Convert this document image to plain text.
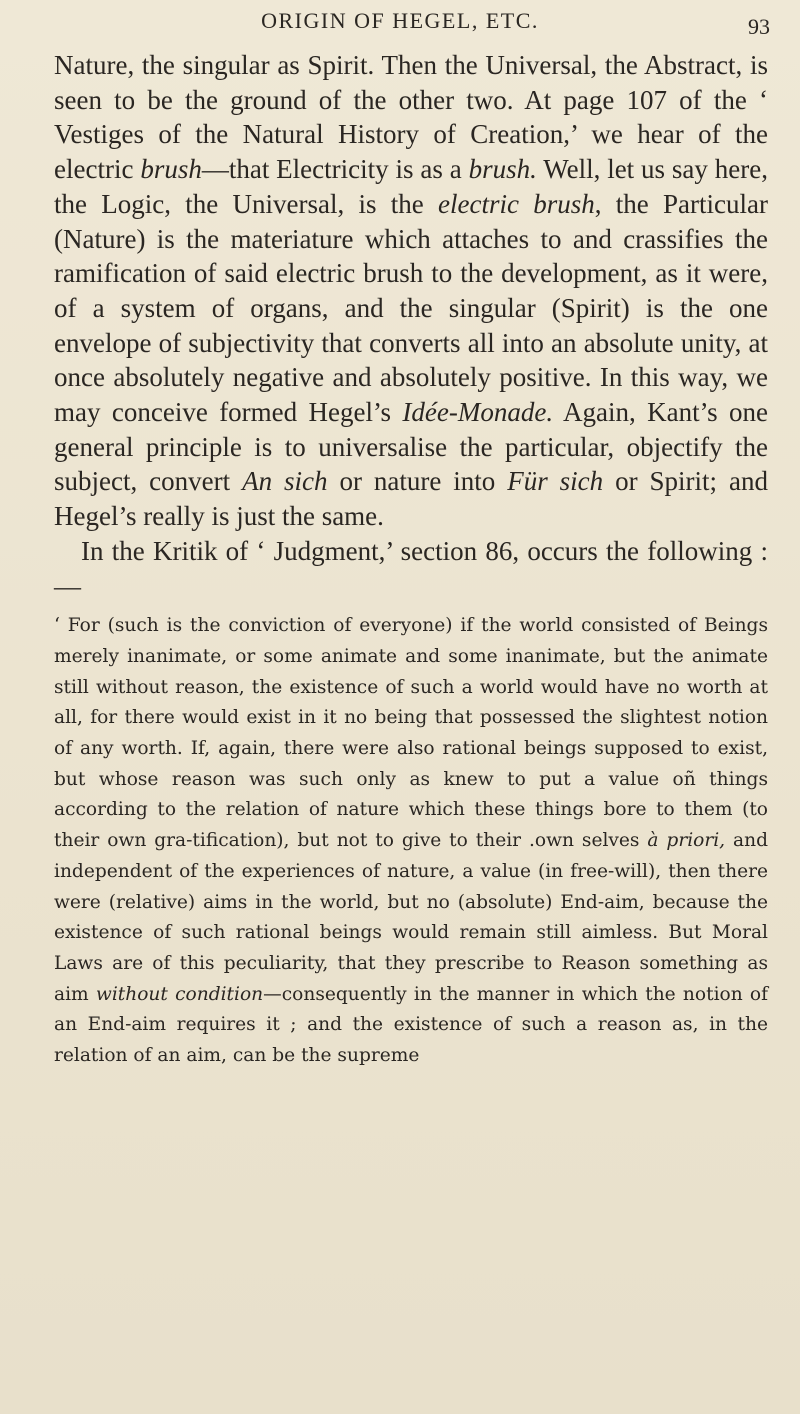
ORIGIN OF HEGEL, ETC.	93

Nature, the singular as Spirit. Then the Universal, the Abstract, is seen to be the ground of the other two. At page 107 of the ‘ Vestiges of the Natural History of Creation,’ we hear of the electric brush—that Electricity is as a brush. Well, let us say here, the Logic, the Universal, is the electric brush, the Particular (Nature) is the materiature which attaches to and crassifies the ramification of said electric brush to the development, as it were, of a system of organs, and the singular (Spirit) is the one envelope of subjectivity that converts all into an absolute unity, at once absolutely negative and absolutely positive. In this way, we may conceive formed Hegel’s Idée-Monade. Again, Kant’s one general principle is to universalise the particular, objectify the subject, convert An sich or nature into Für sich or Spirit; and Hegel’s really is just the same.

In the Kritik of ‘ Judgment,’ section 86, occurs the following :—

‘ For (such is the conviction of everyone) if the world consisted of Beings merely inanimate, or some animate and some inanimate, but the animate still without reason, the existence of such a world would have no worth at all, for there would exist in it no being that possessed the slightest notion of any worth. If, again, there were also rational beings supposed to exist, but whose reason was such only as knew to put a value oñ things according to the relation of nature which these things bore to them (to their own gra-tification), but not to give to their .own selves à priori, and independent of the experiences of nature, a value (in free-will), then there were (relative) aims in the world, but no (absolute) End-aim, because the existence of such rational beings would remain still aimless. But Moral Laws are of this peculiarity, that they prescribe to Reason something as aim without condition—consequently in the manner in which the notion of an End-aim requires it ; and the existence of such a reason as, in the relation of an aim, can be the supreme
